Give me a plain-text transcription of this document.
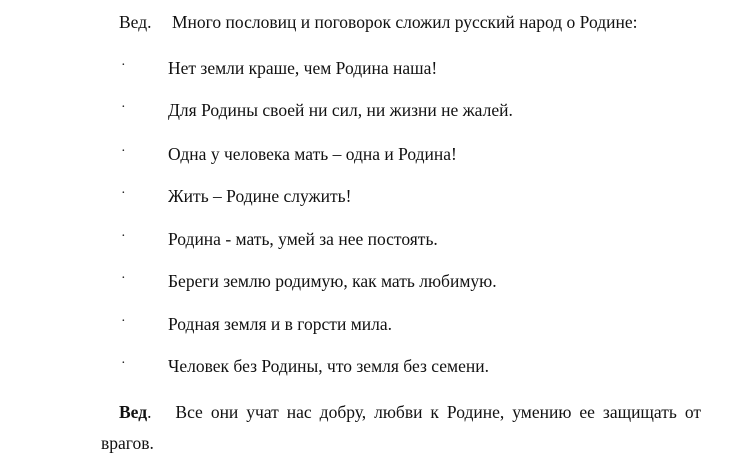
Вед. Много пословиц и поговорок сложил русский народ о Родине:
· Нет земли краше, чем Родина наша!
· Для Родины своей ни сил, ни жизни не жалей.
· Одна у человека мать – одна и Родина!
· Жить – Родине служить!
· Родина - мать, умей за нее постоять.
· Береги землю родимую, как мать любимую.
· Родная земля и в горсти мила.
· Человек без Родины, что земля без семени.
Вед. Все они учат нас добру, любви к Родине, умению ее защищать от врагов.
